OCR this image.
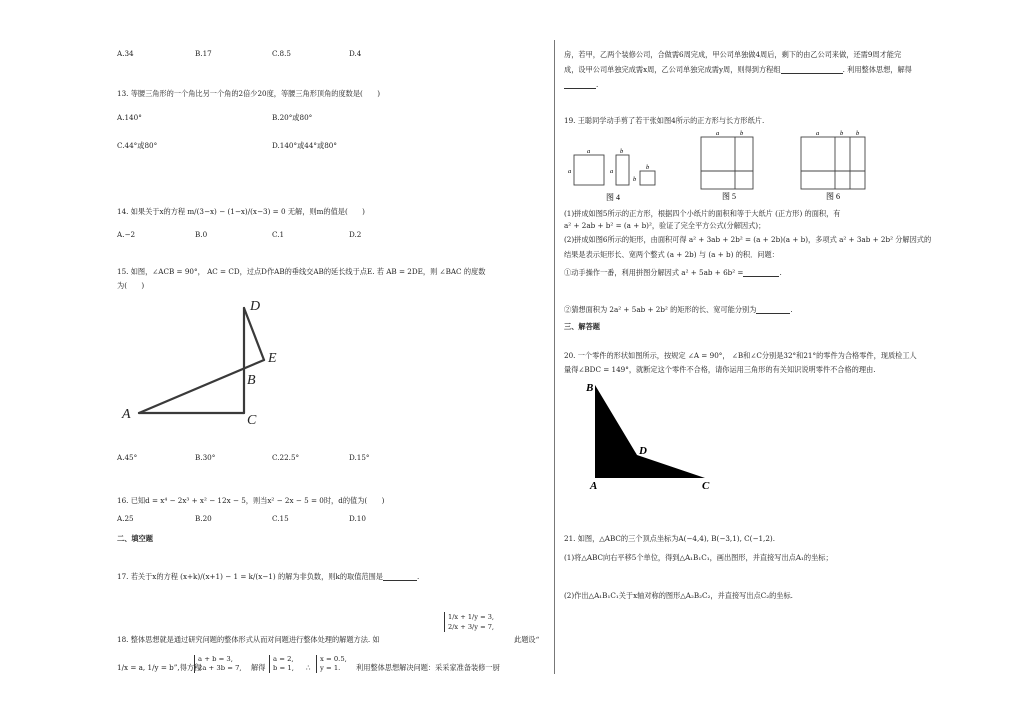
A.34	B.17	C.8.5	D.4
13. 等腰三角形的一个角比另一个角的2倍少20度，等腰三角形顶角的度数是(　　)
A.140°	B.20°或80°
C.44°或80°	D.140°或44°或80°
14. 如果关于x的方程 m/(3−x) − (1−x)/(x−3) = 0 无解，则m的值是(　　)
A.−2	B.0	C.1	D.2
15. 如图，∠ACB = 90°， AC = CD，过点D作AB的垂线交AB的延长线于点E. 若 AB = 2DE，则 ∠BAC 的度数
为(　　)
D
E
B
A	C
A.45°	B.30°	C.22.5°	D.15°
16. 已知d = x⁴ − 2x³ + x² − 12x − 5，则当x² − 2x − 5 = 0时，d的值为(　　)
A.25	B.20	C.15	D.10
二、填空题
17. 若关于x的方程 (x+k)/(x+1) − 1 = k/(x−1) 的解为非负数，则k的取值范围是	.
1/x + 1/y = 3,
2/x + 3/y = 7,
18. 整体思想就是通过研究问题的整体形式从而对问题进行整体处理的解题方法. 如	此题设“
1/x = a, 1/y = b”,得方程
a + b = 3,
2a + 3b = 7, 解得
a = 2,
b = 1, ∴
x = 0.5,
y = 1.	利用整体思想解决问题：采采家准备装修一厨
房，若甲，乙两个装修公司，合做需6周完成，甲公司单独做4周后，剩下的由乙公司来做，还需9周才能完
成，设甲公司单独完成需x周，乙公司单独完成需y周，则得到方程组	. 利用整体思想，解得
.
19. 王聪同学动手剪了若干张如图4所示的正方形与长方形纸片.
a
a
b
a
b
b
图 4
a	b
图 5
a	b b
图 6
(1)拼成如图5所示的正方形，根据四个小纸片的面积和等于大纸片 (正方形) 的面积，有
a² + 2ab + b² = (a + b)²，验证了完全平方公式(分解因式)；
(2)拼成如图6所示的矩形，由面积可得 a² + 3ab + 2b² = (a + 2b)(a + b)，多项式 a² + 3ab + 2b² 分解因式的
结果是表示矩形长、宽两个整式 (a + 2b) 与 (a + b) 的积．问题：
①动手操作一番，利用拼图分解因式 a² + 5ab + 6b² =	.
②猜想面积为 2a² + 5ab + 2b² 的矩形的长、宽可能分别为	.
三、解答题
20. 一个零件的形状如图所示，按规定 ∠A = 90°， ∠B和∠C分别是32°和21°的零件为合格零件，现质检工人
量得∠BDC = 149°，就断定这个零件不合格，请你运用三角形的有关知识说明零件不合格的理由.
B
D
A	C
21. 如图，△ABC的三个顶点坐标为A(−4,4), B(−3,1), C(−1,2).
(1)将△ABC向右平移5个单位，得到△A₁B₁C₁，画出图形，并直接写出点A₁的坐标；
(2)作出△A₁B₁C₁关于x轴对称的图形△A₂B₂C₂，并直接写出点C₂的坐标.
